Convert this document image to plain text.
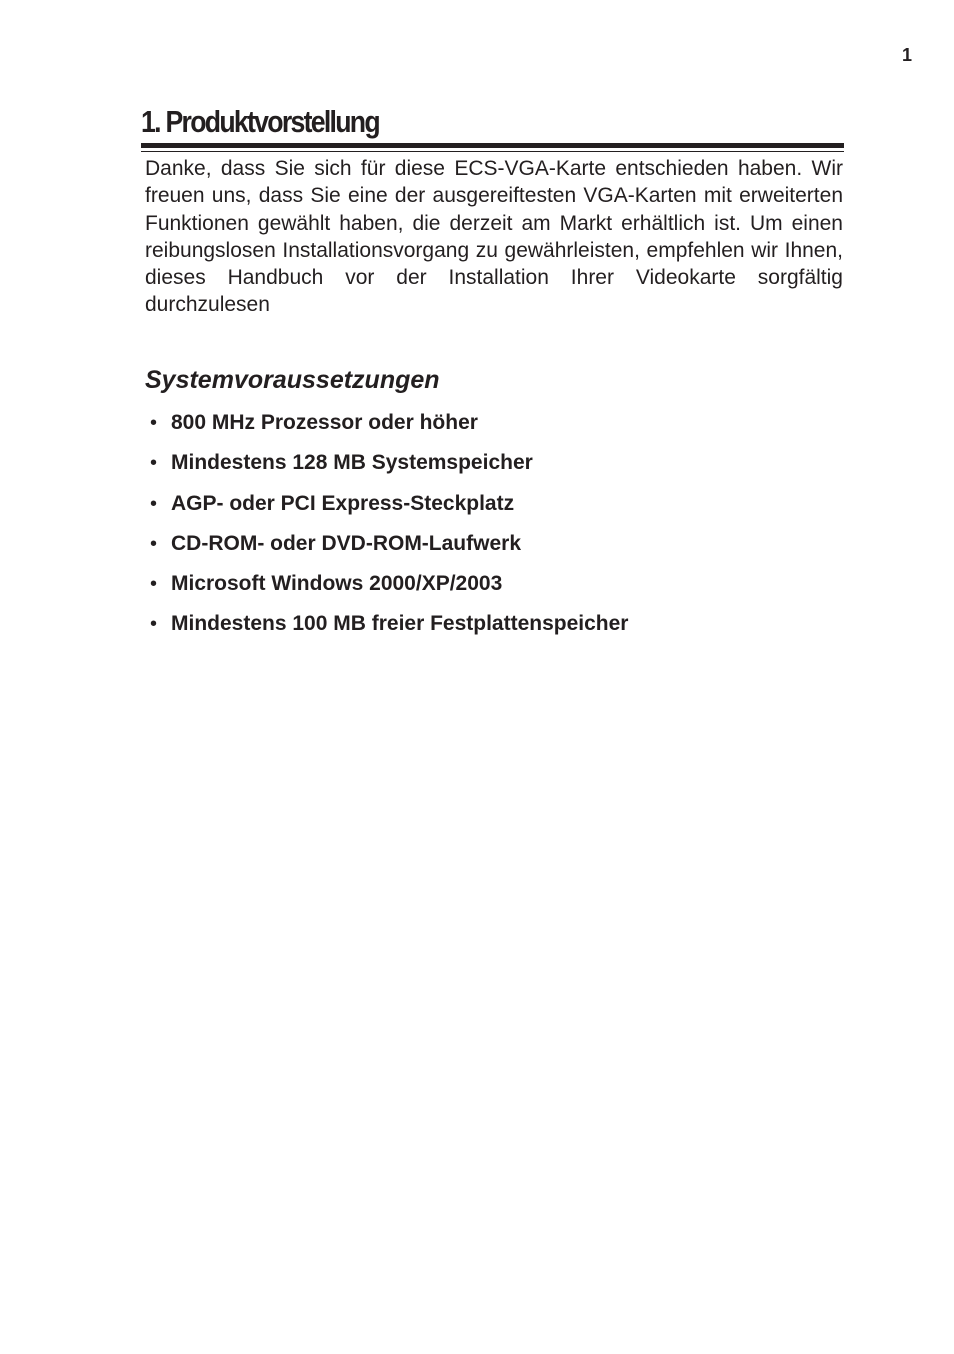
1
1. Produktvorstellung

Danke, dass Sie sich für diese ECS-VGA-Karte entschieden haben. Wir freuen uns, dass Sie eine der ausgereiftesten VGA-Karten mit erweiterten Funktionen gewählt haben, die derzeit am Markt erhältlich ist. Um einen reibungslosen Installationsvorgang zu gewährleisten, empfehlen wir Ihnen, dieses Handbuch vor der Installation Ihrer Videokarte sorgfältig durchzulesen

Systemvoraussetzungen
• 800 MHz Prozessor oder höher
• Mindestens 128 MB Systemspeicher
• AGP- oder PCI Express-Steckplatz
• CD-ROM- oder DVD-ROM-Laufwerk
• Microsoft Windows 2000/XP/2003
• Mindestens 100 MB freier Festplattenspeicher
